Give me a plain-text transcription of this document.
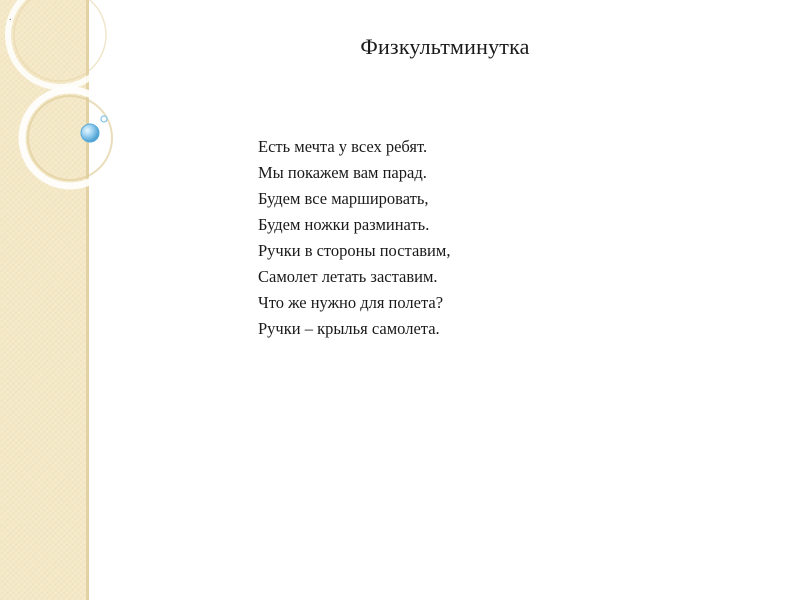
.
Физкультминутка
Есть мечта у всех ребят.
Мы покажем вам парад.
Будем все маршировать,
Будем ножки разминать.
Ручки в стороны поставим,
Самолет летать заставим.
Что же нужно для полета?
Ручки – крылья самолета.
